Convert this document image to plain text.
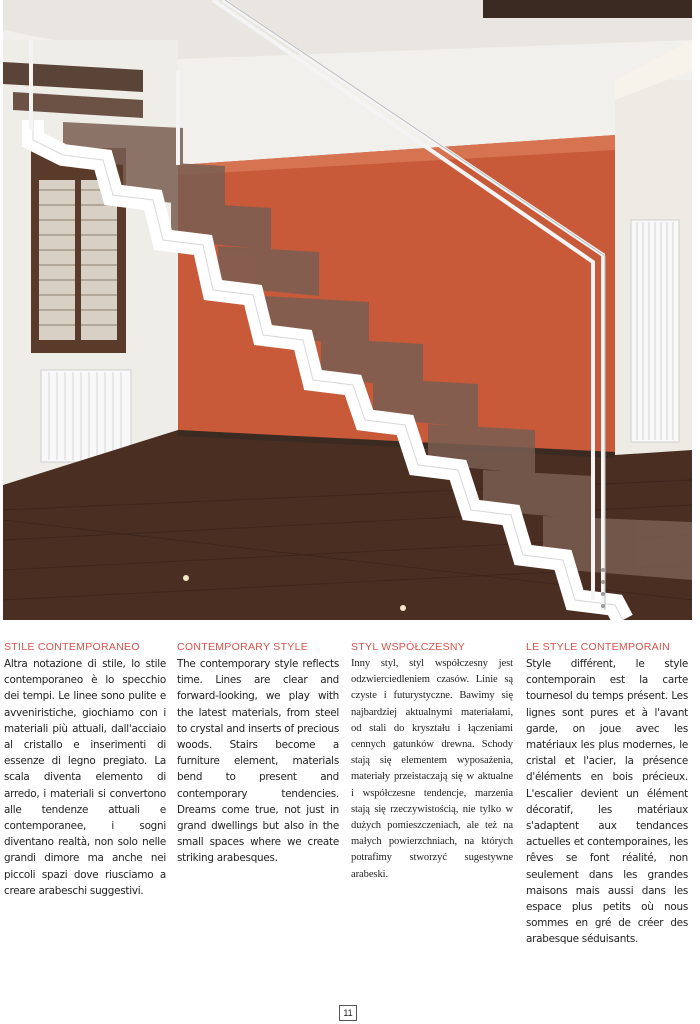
STILE CONTEMPORANEO

Altra notazione di stile, lo stile contemporaneo è lo specchio dei tempi. Le linee sono pulite e avveniristiche, giochiamo con i materiali più attuali, dall'acciaio al cristallo e inserimenti di essenze di legno pregiato. La scala diventa elemento di arredo, i materiali si convertono alle tendenze attuali e contemporanee, i sogni diventano realtà, non solo nelle grandi dimore ma anche nei piccoli spazi dove riusciamo a creare arabeschi suggestivi.

CONTEMPORARY STYLE

The contemporary style reflects time. Lines are clear and forward-looking, we play with the latest materials, from steel to crystal and inserts of precious woods. Stairs become a furniture element, materials bend to present and contemporary tendencies. Dreams come true, not just in grand dwellings but also in the small spaces where we create striking arabesques.

STYL WSPÓŁCZESNY

Inny styl, styl współczesny jest odzwierciedleniem czasów. Linie są czyste i futurystyczne. Bawimy się najbardziej aktualnymi materiałami, od stali do kryształu i łączeniami cennych gatunków drewna. Schody stają się elementem wyposażenia, materiały przeistaczają się w aktualne i współczesne tendencje, marzenia stają się rzeczywistością, nie tylko w dużych pomieszczeniach, ale też na małych powierzchniach, na których potrafimy stworzyć sugestywne arabeski.

LE STYLE CONTEMPORAIN

Style différent, le style contemporain est la carte tournesol du temps présent. Les lignes sont pures et à l'avant garde, on joue avec les matériaux les plus modernes, le cristal et l'acier, la présence d'éléments en bois précieux. L'escalier devient un élément décoratif, les matériaux s'adaptent aux tendances actuelles et contemporaines, les rêves se font réalité, non seulement dans les grandes maisons mais aussi dans les espace plus petits où nous sommes en gré de créer des arabesque séduisants.

11
